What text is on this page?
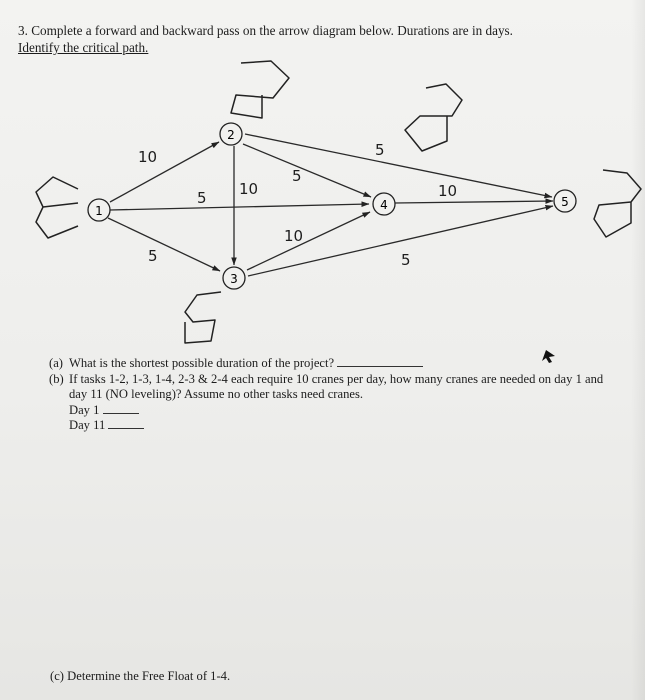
3. Complete a forward and backward pass on the arrow diagram below. Durations are in days.
Identify the critical path.
1
2
3
4	5
10
5
5
10
5
5
10
5
10
(a) What is the shortest possible duration of the project?
(b) If tasks 1-2, 1-3, 1-4, 2-3 & 2-4 each require 10 cranes per day, how many cranes are needed on day 1 and day 11 (NO leveling)? Assume no other tasks need cranes.
Day 1
Day 11
(c) Determine the Free Float of 1-4.
